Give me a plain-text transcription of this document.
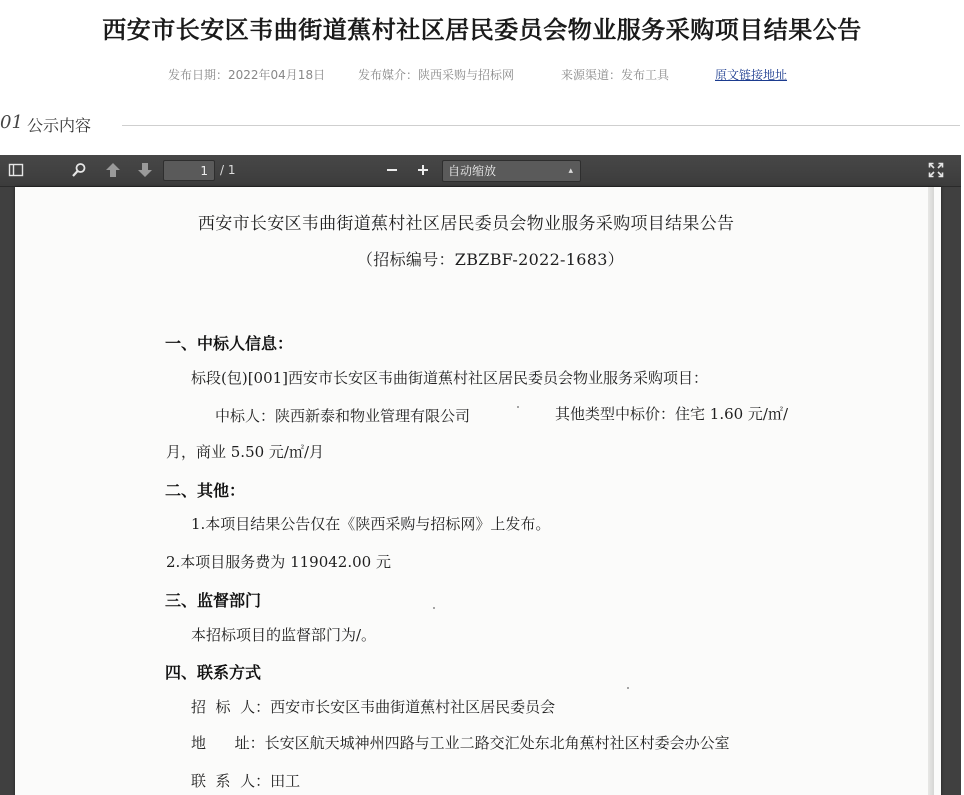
西安市长安区韦曲街道蕉村社区居民委员会物业服务采购项目结果公告
发布日期：2022年04月18日	发布媒介：陕西采购与招标网	来源渠道：发布工具	原文链接地址
01 公示内容
1
/ 1	自动缩放	▴

西安市长安区韦曲街道蕉村社区居民委员会物业服务采购项目结果公告
（招标编号：ZBZBF-2022-1683）
一、中标人信息：
标段(包)[001]西安市长安区韦曲街道蕉村社区居民委员会物业服务采购项目：
中标人：陕西新泰和物业管理有限公司	其他类型中标价：住宅 1.60 元/㎡/
月，商业 5.50 元/㎡/月
二、其他：
1.本项目结果公告仅在《陕西采购与招标网》上发布。
2.本项目服务费为 119042.00 元
三、监督部门
本招标项目的监督部门为/。
四、联系方式
招  标  人：西安市长安区韦曲街道蕉村社区居民委员会
地      址：长安区航天城神州四路与工业二路交汇处东北角蕉村社区村委会办公室
联  系  人：田工
